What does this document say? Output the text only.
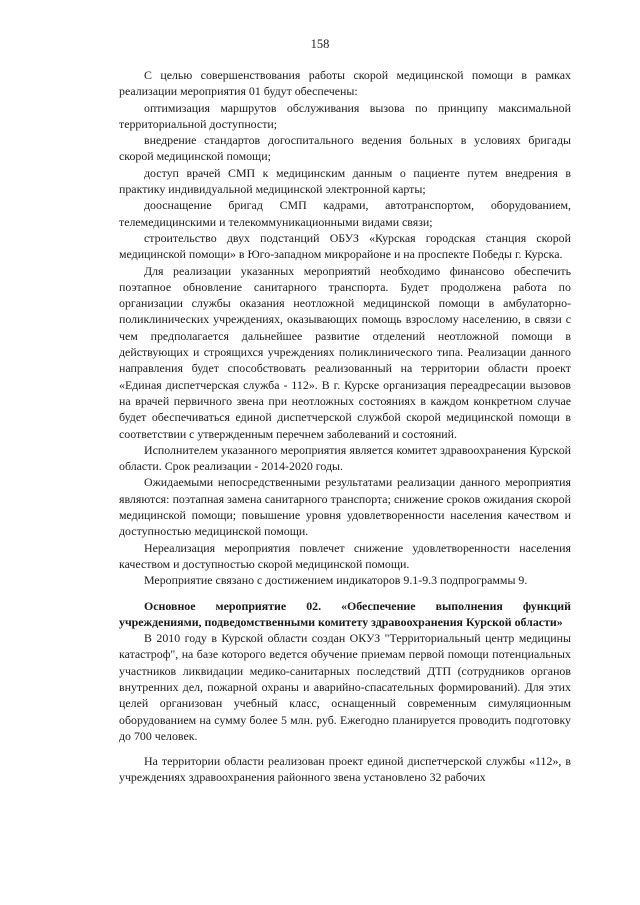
158

С целью совершенствования работы скорой медицинской помощи в рамках реализации мероприятия 01 будут обеспечены:

оптимизация маршрутов обслуживания вызова по принципу максимальной территориальной доступности;

внедрение стандартов догоспитального ведения больных в условиях бригады скорой медицинской помощи;

доступ врачей СМП к медицинским данным о пациенте путем внедрения в практику индивидуальной медицинской электронной карты;

дооснащение бригад СМП кадрами, автотранспортом, оборудованием, телемедицинскими и телекоммуникационными видами связи;

строительство двух подстанций ОБУЗ «Курская городская станция скорой медицинской помощи» в Юго-западном микрорайоне и на проспекте Победы г. Курска.

Для реализации указанных мероприятий необходимо финансово обеспечить поэтапное обновление санитарного транспорта. Будет продолжена работа по организации службы оказания неотложной медицинской помощи в амбулаторно-поликлинических учреждениях, оказывающих помощь взрослому населению, в связи с чем предполагается дальнейшее развитие отделений неотложной помощи в действующих и строящихся учреждениях поликлинического типа. Реализации данного направления будет способствовать реализованный на территории области проект «Единая диспетчерская служба - 112». В г. Курске организация переадресации вызовов на врачей первичного звена при неотложных состояниях в каждом конкретном случае будет обеспечиваться единой диспетчерской службой скорой медицинской помощи в соответствии с утвержденным перечнем заболеваний и состояний.

Исполнителем указанного мероприятия является комитет здравоохранения Курской области. Срок реализации - 2014-2020 годы.

Ожидаемыми непосредственными результатами реализации данного мероприятия являются: поэтапная замена санитарного транспорта; снижение сроков ожидания скорой медицинской помощи; повышение уровня удовлетворенности населения качеством и доступностью медицинской помощи.

Нереализация мероприятия повлечет снижение удовлетворенности населения качеством и доступностью скорой медицинской помощи.

Мероприятие связано с достижением индикаторов 9.1-9.3 подпрограммы 9.

Основное мероприятие 02. «Обеспечение выполнения функций учреждениями, подведомственными комитету здравоохранения Курской области»

В 2010 году в Курской области создан ОКУЗ "Территориальный центр медицины катастроф", на базе которого ведется обучение приемам первой помощи потенциальных участников ликвидации медико-санитарных последствий ДТП (сотрудников органов внутренних дел, пожарной охраны и аварийно-спасательных формирований). Для этих целей организован учебный класс, оснащенный современным симуляционным оборудованием на сумму более 5 млн. руб. Ежегодно планируется проводить подготовку до 700 человек.

На территории области реализован проект единой диспетчерской службы «112», в учреждениях здравоохранения районного звена установлено 32 рабочих
